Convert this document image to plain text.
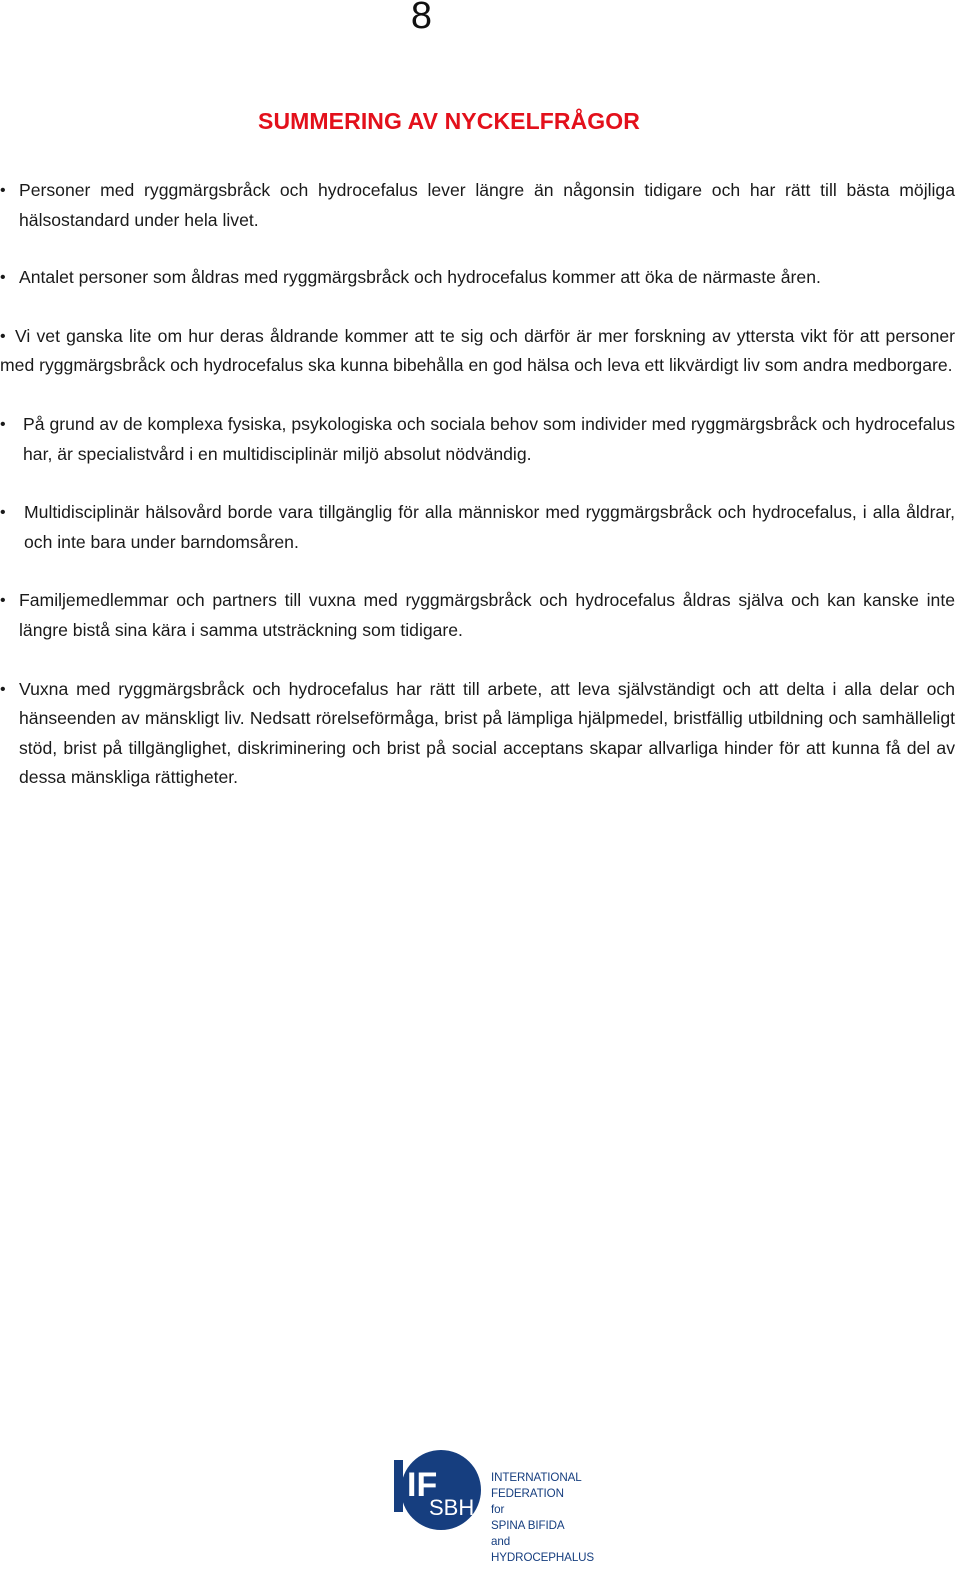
8
SUMMERING AV NYCKELFRÅGOR
• Personer med ryggmärgsbråck och hydrocefalus lever längre än någonsin tidigare och har rätt till bästa möjliga hälsostandard under hela livet.
• Antalet personer som åldras med ryggmärgsbråck och hydrocefalus kommer att öka de närmaste åren.
• Vi vet ganska lite om hur deras åldrande kommer att te sig och därför är mer forskning av yttersta vikt för att personer med ryggmärgsbråck och hydrocefalus ska kunna bibehålla en god hälsa och leva ett likvärdigt liv som andra medborgare.
• På grund av de komplexa fysiska, psykologiska och sociala behov som individer med ryggmärgsbråck och hydrocefalus har, är specialistvård i en multidisciplinär miljö absolut nödvändig.
•	Multidisciplinär hälsovård borde vara tillgänglig för alla människor med ryggmärgsbråck och hydrocefalus, i alla åldrar, och inte bara under barndomsåren.
• Familjemedlemmar och partners till vuxna med ryggmärgsbråck och hydrocefalus åldras själva och kan kanske inte längre bistå sina kära i samma utsträckning som tidigare.
• Vuxna med ryggmärgsbråck och hydrocefalus har rätt till arbete, att leva självständigt och att delta i alla delar och hänseenden av mänskligt liv. Nedsatt rörelseförmåga, brist på lämpliga hjälpmedel, bristfällig utbildning och samhälleligt stöd, brist på tillgänglighet, diskriminering och brist på social acceptans skapar allvarliga hinder för att kunna få del av dessa mänskliga rättigheter.
IF
SBH
INTERNATIONAL
FEDERATION
for
SPINA BIFIDA
and
HYDROCEPHALUS
